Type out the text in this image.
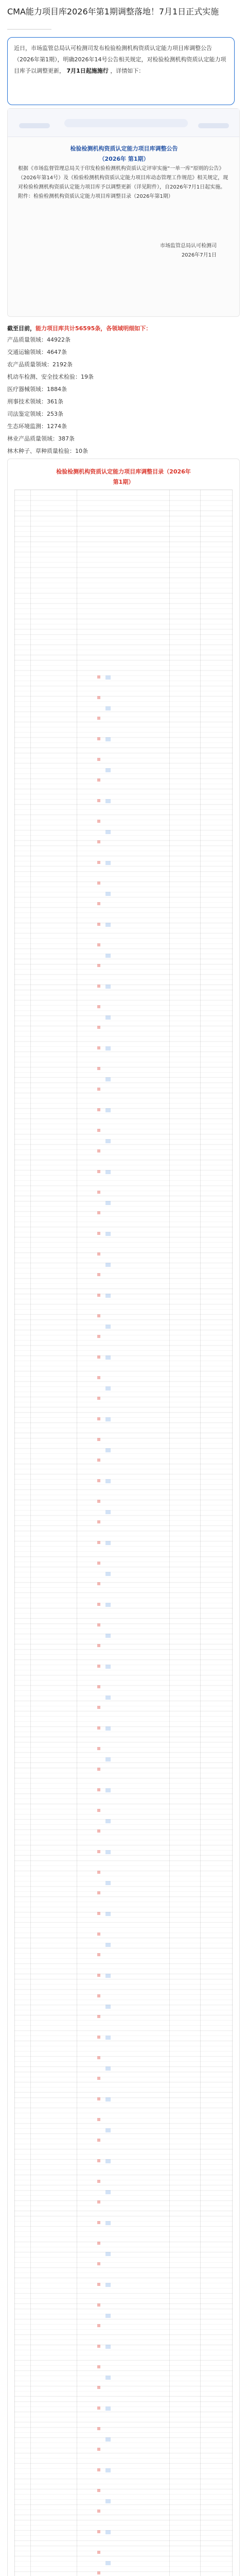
CMA能力项目库2026年第1期调整落地！7月1日正式实施
近日，市场监管总局认可检测司发布检验检测机构资质认定能力项目库调整公告（2026年第1期），明确2026年14号公告相关规定，对检验检测机构资质认定能力项目库予以调整更新， 7月1日起施施行 ，详情如下：
检验检测机构资质认定能力项目库调整公告
（2026年 第1期）
根据《市场监督管理总局关于印发检验检测机构资质认定评审实施“一单一库”原则的公告》（2026年第14号）及《检验检测机构资质认定能力项目库动态管理工作规范》相关规定，现对检验检测机构资质认定能力项目库予以调整更新（详见附件），自2026年7月1日起实施。附件：检验检测机构资质认定能力项目库调整目录（2026年第1期）
市场监管总局认可检测司
2026年7月1日
截至目前，能力项目库共计56595条，各领域明细如下：
产品质量领域：44922条
交通运输领域：4647条
农产品质量领域：2192条
机动车检测、安全技术检验：19条
医疗器械领域：1884条
刑事技术领域：361条
司法鉴定领域：253条
生态环境监测：1274条
林业产品质量领域：387条
林木种子、草种质量检验：10条
检验检测机构资质认定能力项目库调整目录（2026年
第1期）
